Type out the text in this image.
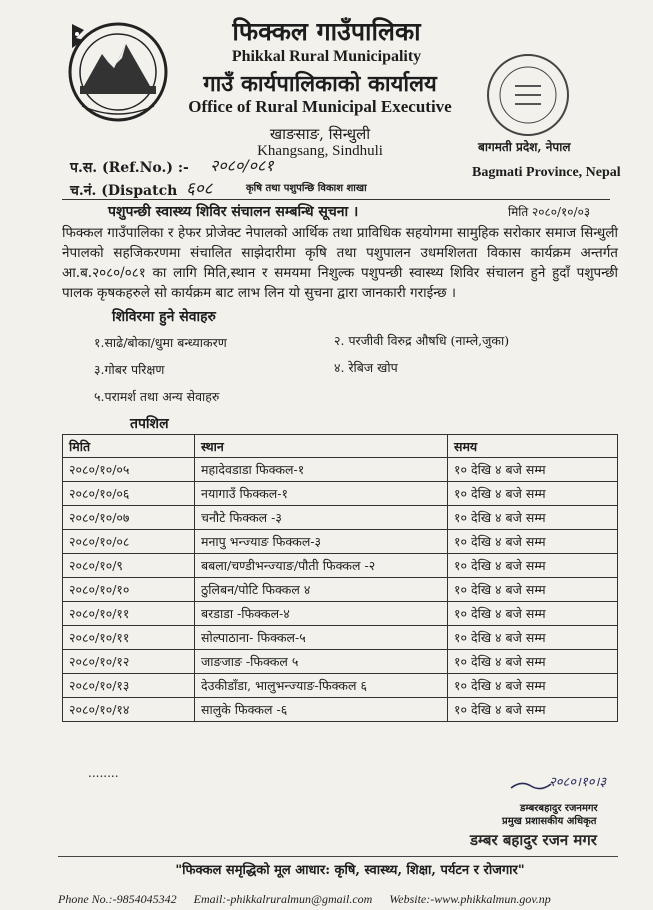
फिक्कल गाउँपालिका
Phikkal Rural Municipality
गाउँ कार्यपालिकाको कार्यालय
Office of Rural Municipal Executive
खाङसाङ, सिन्धुली
Khangsang, Sindhuli	बागमती प्रदेश, नेपाल
Bagmati Province, Nepal
प.स. (Ref.No.) :- २०८०/०८१
च.नं. (Dispatch ६०८	कृषि तथा पशुपन्छि विकाश शाखा
पशुपन्छी स्वास्थ्य शिविर संचालन सम्बन्धि सूचना ।	मिति २०८०/१०/०३
फिक्कल गाउँपालिका र हेफर प्रोजेक्ट नेपालको आर्थिक तथा प्राविधिक सहयोगमा सामुहिक सरोकार समाज सिन्धुली नेपालको सहजिकरणमा संचालित साझेदारीमा कृषि तथा पशुपालन उधमशिलता विकास कार्यक्रम अन्तर्गत आ.ब.२०८०/०८१ का लागि मिति,स्थान र समयमा निशुल्क पशुपन्छी स्वास्थ्य शिविर संचालन हुने हुदाँ पशुपन्छी पालक कृषकहरुले सो कार्यक्रम बाट लाभ लिन यो सुचना द्वारा जानकारी गराईन्छ ।
शिविरमा हुने सेवाहरु
१.साढे/बोका/धुमा बन्ध्याकरण	२. परजीवी विरुद्र औषधि (नाम्ले,जुका)
३.गोबर परिक्षण	४. रेबिज खोप
५.परामर्श तथा अन्य सेवाहरु
तपशिल
मिति	स्थान	समय
२०८०/१०/०५	महादेवडाडा फिक्कल-१	१० देखि ४ बजे सम्म
२०८०/१०/०६	नयागाउँ फिक्कल-१	१० देखि ४ बजे सम्म
२०८०/१०/०७	चनौटे फिक्कल -३	१० देखि ४ बजे सम्म
२०८०/१०/०८	मनापु भन्ज्याङ फिक्कल-३	१० देखि ४ बजे सम्म
२०८०/१०/९	बबला/चण्डीभन्ज्याङ/पौती फिक्कल -२	१० देखि ४ बजे सम्म
२०८०/१०/१०	ठुलिबन/पोटि फिक्कल ४	१० देखि ४ बजे सम्म
२०८०/१०/११	बरडाडा -फिक्कल-४	१० देखि ४ बजे सम्म
२०८०/१०/११	सोल्पाठाना- फिक्कल-५	१० देखि ४ बजे सम्म
२०८०/१०/१२	जाङजाङ -फिक्कल ५	१० देखि ४ बजे सम्म
२०८०/१०/१३	देउकीडाँडा, भालुभन्ज्याङ-फिक्कल ६	१० देखि ४ बजे सम्म
२०८०/१०/१४	सालुके फिक्कल -६	१० देखि ४ बजे सम्म
........
२०८०।१०।३
डम्बरबहादुर रजनमगर
प्रमुख प्रशासकीय अधिकृत
डम्बर बहादुर रजन मगर
"फिक्कल समृद्धिको मूल आधार: कृषि, स्वास्थ्य, शिक्षा, पर्यटन र रोजगार"
Phone No.:-9854045342 Email:-phikkalruralmun@gmail.com Website:-www.phikkalmun.gov.np
